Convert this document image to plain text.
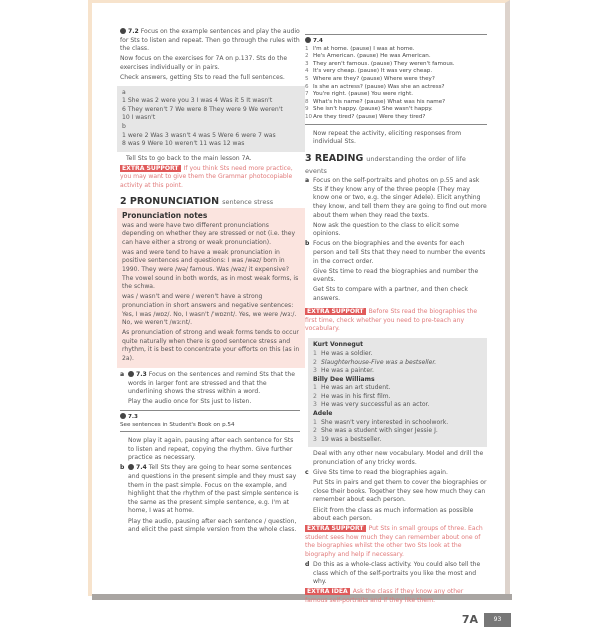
7.2 Focus on the example sentences and play the audio for Sts to listen and repeat. Then go through the rules with the class.

Now focus on the exercises for 7A on p.137. Sts do the exercises individually or in pairs.

Check answers, getting Sts to read the full sentences.

a
1 She was 2 were you 3 I was 4 Was it 5 It wasn't
6 They weren't 7 We were 8 They were 9 We weren't
10 I wasn't
b
1 were 2 Was 3 wasn't 4 was 5 Were 6 were 7 was
8 was 9 Were 10 weren't 11 was 12 was

Tell Sts to go back to the main lesson 7A.

EXTRA SUPPORT If you think Sts need more practice, you may want to give them the Grammar photocopiable activity at this point.

2 PRONUNCIATION sentence stress
Pronunciation notes

was and were have two different pronunciations depending on whether they are stressed or not (i.e. they can have either a strong or weak pronunciation).

was and were tend to have a weak pronunciation in positive sentences and questions: I was /wəz/ born in 1990. They were /wə/ famous. Was /wəz/ it expensive? The vowel sound in both words, as in most weak forms, is the schwa.

was / wasn't and were / weren't have a strong pronunciation in short answers and negative sentences: Yes, I was /wɒz/. No, I wasn't /ˈwɒznt/. Yes, we were /wɜː/. No, we weren't /wɜːnt/.

As pronunciation of strong and weak forms tends to occur quite naturally when there is good sentence stress and rhythm, it is best to concentrate your efforts on this (as in 2a).

a	7.3 Focus on the sentences and remind Sts that the words in larger font are stressed and that the underlining shows the stress within a word.

Play the audio once for Sts just to listen.

7.3
See sentences in Student's Book on p.54

Now play it again, pausing after each sentence for Sts to listen and repeat, copying the rhythm. Give further practice as necessary.

b	7.4 Tell Sts they are going to hear some sentences and questions in the present simple and they must say them in the past simple. Focus on the example, and highlight that the rhythm of the past simple sentence is the same as the present simple sentence, e.g. I'm at home, I was at home.

Play the audio, pausing after each sentence / question, and elicit the past simple version from the whole class.

7.4
1 I'm at home. (pause) I was at home.
2 He's American. (pause) He was American.
3 They aren't famous. (pause) They weren't famous.
4 It's very cheap. (pause) It was very cheap.
5 Where are they? (pause) Where were they?
6 Is she an actress? (pause) Was she an actress?
7 You're right. (pause) You were right.
8 What's his name? (pause) What was his name?
9 She isn't happy. (pause) She wasn't happy.
10Are they tired? (pause) Were they tired?

Now repeat the activity, eliciting responses from individual Sts.

3 READING understanding the order of life events
a Focus on the self-portraits and photos on p.55 and ask Sts if they know any of the three people (They may know one or two, e.g. the singer Adele). Elicit anything they know, and tell them they are going to find out more about them when they read the texts.

Now ask the question to the class to elicit some opinions.

b Focus on the biographies and the events for each person and tell Sts that they need to number the events in the correct order.

Give Sts time to read the biographies and number the events.

Get Sts to compare with a partner, and then check answers.

EXTRA SUPPORT Before Sts read the biographies the first time, check whether you need to pre-teach any vocabulary.

Kurt Vonnegut
1 He was a soldier.
2 Slaughterhouse-Five was a bestseller.
3 He was a painter.
Billy Dee Williams
1 He was an art student.
2 He was in his first film.
3 He was very successful as an actor.
Adele
1 She wasn't very interested in schoolwork.
2 She was a student with singer Jessie J.
3 19 was a bestseller.

Deal with any other new vocabulary. Model and drill the pronunciation of any tricky words.

c Give Sts time to read the biographies again.

Put Sts in pairs and get them to cover the biographies or close their books. Together they see how much they can remember about each person.

Elicit from the class as much information as possible about each person.

EXTRA SUPPORT Put Sts in small groups of three. Each student sees how much they can remember about one of the biographies whilst the other two Sts look at the biography and help if necessary.

d Do this as a whole-class activity. You could also tell the class which of the self-portraits you like the most and why.

EXTRA IDEA Ask the class if they know any other famous self-portraits and if they like them.

7A	93
